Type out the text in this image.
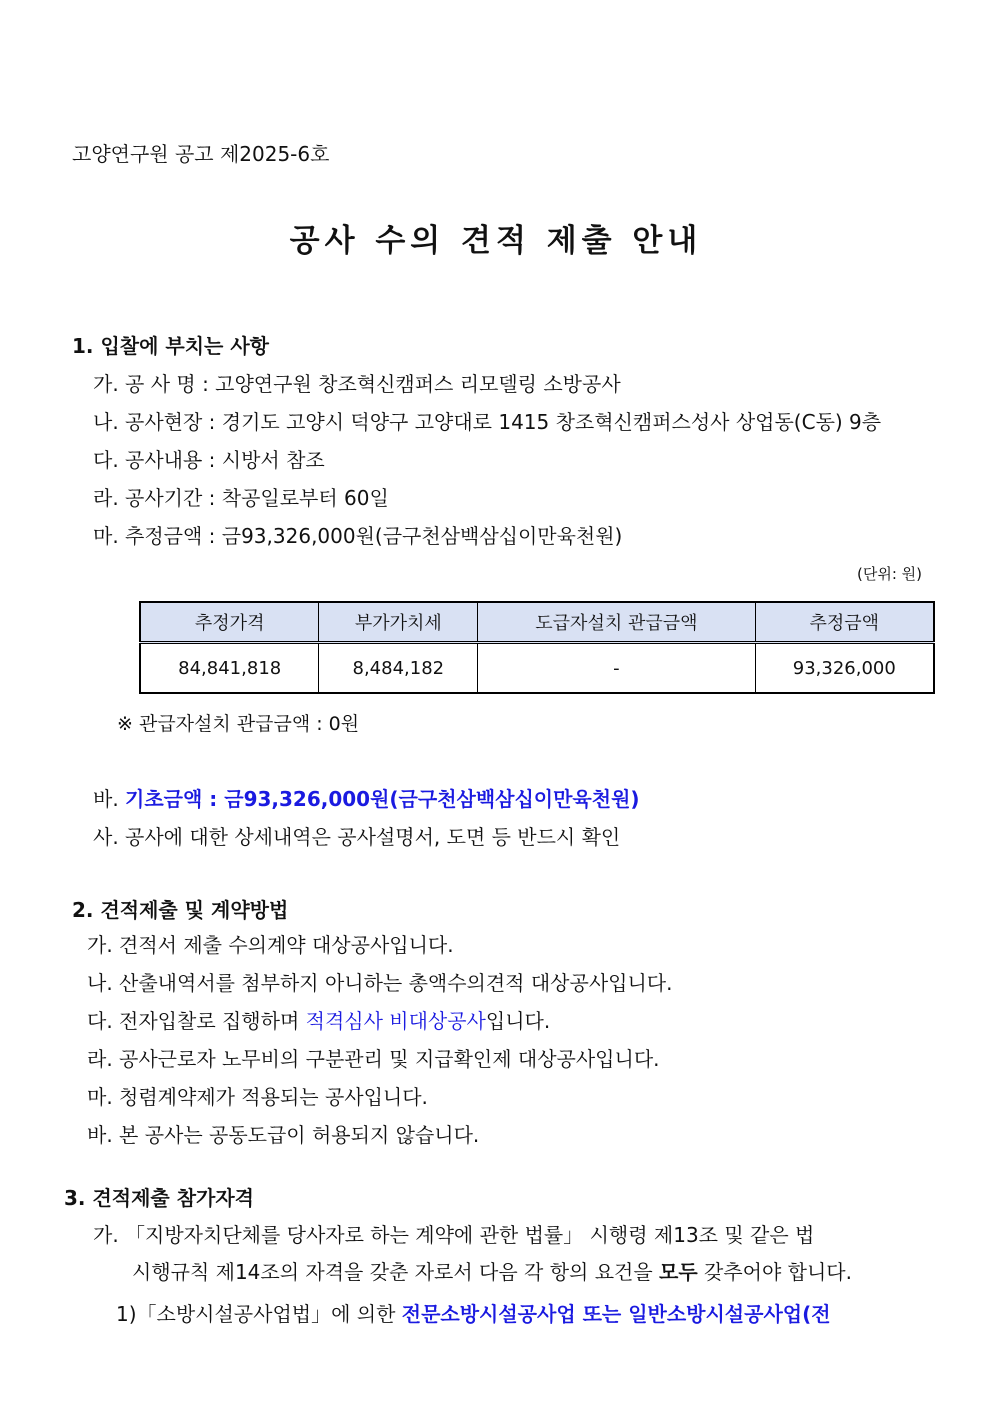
고양연구원 공고 제2025-6호
공사 수의 견적 제출 안내
1. 입찰에 부치는 사항
가. 공 사 명 : 고양연구원 창조혁신캠퍼스 리모델링 소방공사
나. 공사현장 : 경기도 고양시 덕양구 고양대로 1415 창조혁신캠퍼스성사 상업동(C동) 9층
다. 공사내용 : 시방서 참조
라. 공사기간 : 착공일로부터 60일
마. 추정금액 : 금93,326,000원(금구천삼백삼십이만육천원)
(단위: 원)
추정가격	부가가치세	도급자설치 관급금액	추정금액
84,841,818	8,484,182	-	93,326,000
※ 관급자설치 관급금액 : 0원
바. 기초금액 : 금93,326,000원(금구천삼백삼십이만육천원)
사. 공사에 대한 상세내역은 공사설명서, 도면 등 반드시 확인
2. 견적제출 및 계약방법
가. 견적서 제출 수의계약 대상공사입니다.
나. 산출내역서를 첨부하지 아니하는 총액수의견적 대상공사입니다.
다. 전자입찰로 집행하며 적격심사 비대상공사입니다.
라. 공사근로자 노무비의 구분관리 및 지급확인제 대상공사입니다.
마. 청렴계약제가 적용되는 공사입니다.
바. 본 공사는 공동도급이 허용되지 않습니다.
3. 견적제출 참가자격
가. 「지방자치단체를 당사자로 하는 계약에 관한 법률」 시행령 제13조 및 같은 법
시행규칙 제14조의 자격을 갖춘 자로서 다음 각 항의 요건을 모두 갖추어야 합니다.
1)「소방시설공사업법」에 의한 전문소방시설공사업 또는 일반소방시설공사업(전
